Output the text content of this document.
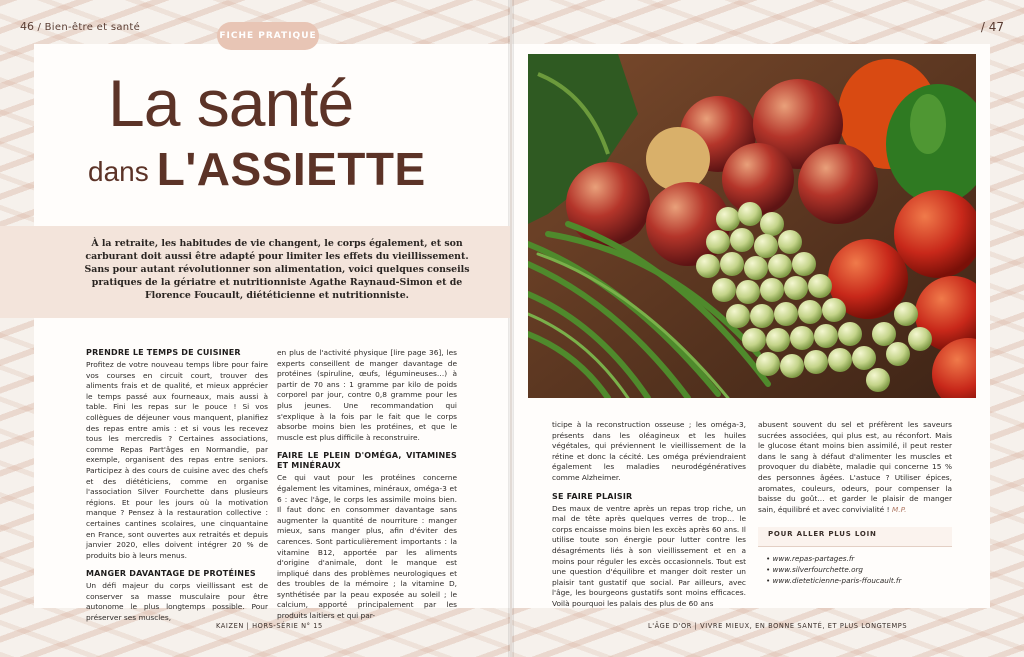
46 / Bien-être et santé	/ 47
FICHE PRATIQUE
La santé
dans L'ASSIETTE
À la retraite, les habitudes de vie changent, le corps également, et son carburant doit aussi être adapté pour limiter les effets du vieillissement. Sans pour autant révolutionner son alimentation, voici quelques conseils pratiques de la gériatre et nutritionniste Agathe Raynaud-Simon et de Florence Foucault, diététicienne et nutritionniste.
PRENDRE LE TEMPS DE CUISINER

Profitez de votre nouveau temps libre pour faire vos courses en circuit court, trouver des aliments frais et de qualité, et mieux apprécier le temps passé aux fourneaux, mais aussi à table. Fini les repas sur le pouce ! Si vos collègues de déjeuner vous manquent, planifiez des repas entre amis : et si vous les recevez tous les mercredis ? Certaines associations, comme Repas Part'âges en Normandie, par exemple, organisent des repas entre seniors. Participez à des cours de cuisine avec des chefs et des diététiciens, comme en organise l'association Silver Fourchette dans plusieurs régions. Et pour les jours où la motivation manque ? Pensez à la restauration collective : certaines cantines scolaires, une cinquantaine en France, sont ouvertes aux retraités et depuis janvier 2020, elles doivent intégrer 20 % de produits bio à leurs menus.

MANGER DAVANTAGE DE PROTÉINES

Un défi majeur du corps vieillissant est de conserver sa masse musculaire pour être autonome le plus longtemps possible. Pour préserver ses muscles,

en plus de l'activité physique [lire page 36], les experts conseillent de manger davantage de protéines (spiruline, œufs, légumineuses…) à partir de 70 ans : 1 gramme par kilo de poids corporel par jour, contre 0,8 gramme pour les plus jeunes. Une recommandation qui s'explique à la fois par le fait que le corps absorbe moins bien les protéines, et que le muscle est plus difficile à reconstruire.

FAIRE LE PLEIN D'OMÉGA, VITAMINES ET MINÉRAUX

Ce qui vaut pour les protéines concerne également les vitamines, minéraux, oméga-3 et 6 : avec l'âge, le corps les assimile moins bien. Il faut donc en consommer davantage sans augmenter la quantité de nourriture : manger mieux, sans manger plus, afin d'éviter des carences. Sont particulièrement importants : la vitamine B12, apportée par les aliments d'origine d'animale, dont le manque est impliqué dans des problèmes neurologiques et des troubles de la mémoire ; la vitamine D, synthétisée par la peau exposée au soleil ; le calcium, apporté principalement par les produits laitiers et qui par-

KAIZEN | HORS-SÉRIE N° 15

ticipe à la reconstruction osseuse ; les oméga-3, présents dans les oléagineux et les huiles végétales, qui préviennent le vieillissement de la rétine et donc la cécité. Les oméga préviendraient également les maladies neurodégénératives comme Alzheimer.

SE FAIRE PLAISIR

Des maux de ventre après un repas trop riche, un mal de tête après quelques verres de trop… le corps encaisse moins bien les excès après 60 ans. Il utilise toute son énergie pour lutter contre les désagréments liés à son vieillissement et en a moins pour réguler les excès occasionnels. Tout est une question d'équilibre et manger doit rester un plaisir tant gustatif que social. Par ailleurs, avec l'âge, les bourgeons gustatifs sont moins efficaces. Voilà pourquoi les palais des plus de 60 ans

abusent souvent du sel et préfèrent les saveurs sucrées associées, qui plus est, au réconfort. Mais le glucose étant moins bien assimilé, il peut rester dans le sang à défaut d'alimenter les muscles et provoquer du diabète, maladie qui concerne 15 % des personnes âgées. L'astuce ? Utiliser épices, aromates, couleurs, odeurs, pour compenser la baisse du goût… et garder le plaisir de manger sain, équilibré et avec convivialité ! M.P.

POUR ALLER PLUS LOIN
• www.repas-partages.fr
• www.silverfourchette.org
• www.dieteticienne-paris-ffoucault.fr
L'ÂGE D'OR | VIVRE MIEUX, EN BONNE SANTÉ, ET PLUS LONGTEMPS
